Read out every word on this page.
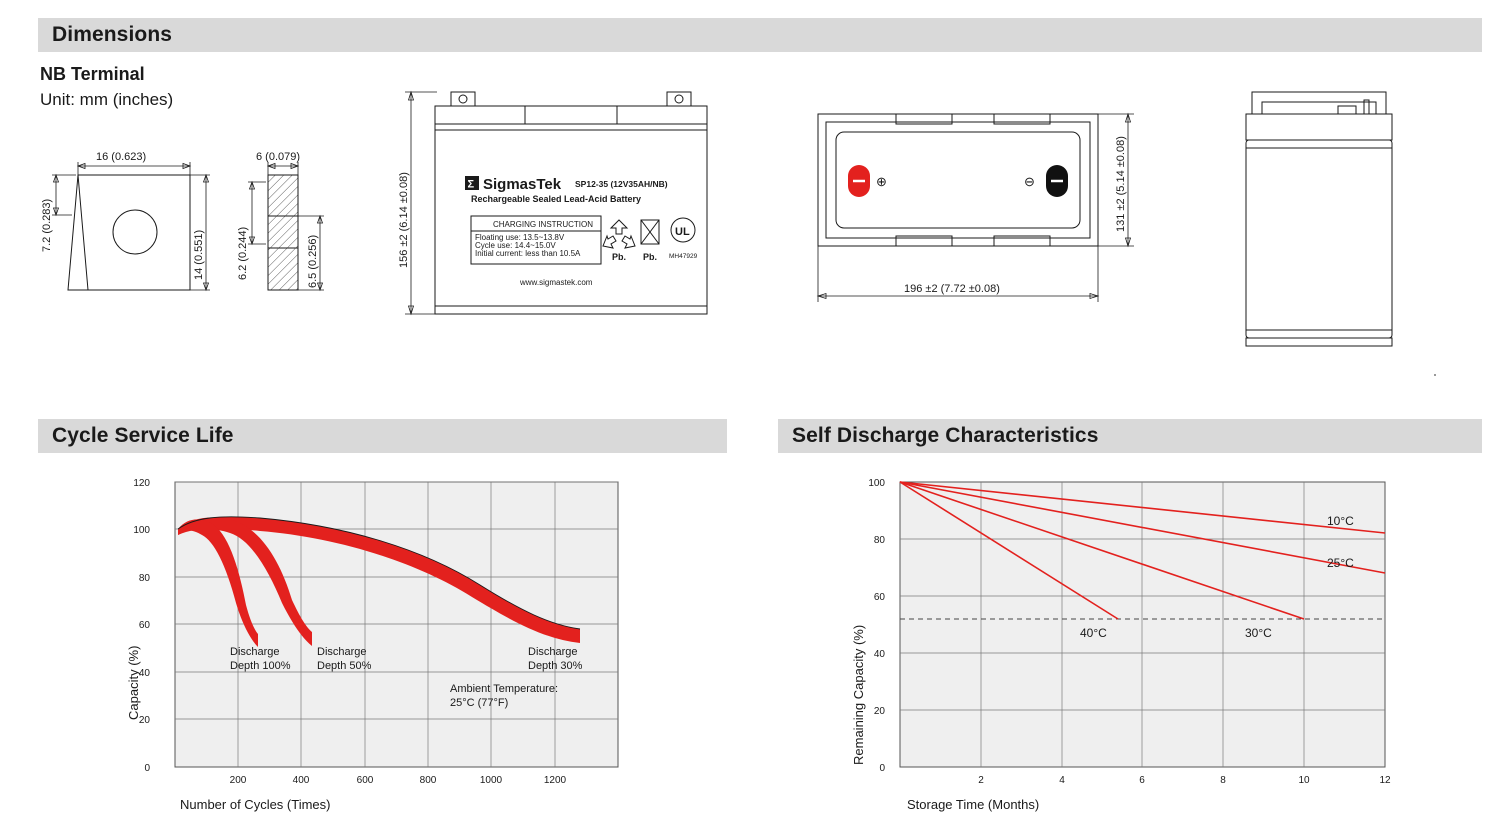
Dimensions
NB Terminal
Unit: mm (inches)
16 (0.623)
7.2 (0.283)
14 (0.551)
6 (0.079)
6.2 (0.244)	6.5 (0.256)	156 ±2 (6.14 ±0.08)	Σ SigmasTek SP12-35 (12V35AH/NB)
Rechargeable Sealed Lead-Acid Battery
CHARGING INSTRUCTION
Floating use: 13.5~13.8V
Cycle use: 14.4~15.0V
Initial current: less than 10.5A
www.sigmastek.com
Pb. Pb.
UL
MH47929
⊕	⊖	131 ±2 (5.14 ±0.08)
196 ±2 (7.72 ±0.08)
Cycle Service Life
120
100
80
60
40
20
0
200	400	600	800	1000	1200
Discharge
Depth 100%
Discharge
Depth 50%
Discharge
Depth 30%
Ambient Temperature:
25°C (77°F)
Capacity (%)
Number of Cycles (Times)
Self Discharge Characteristics
100
80
60
40
20
0
2	4	6	8	10	12
10°C
25°C
30°C
40°C
Remaining Capacity (%)
Storage Time (Months)
